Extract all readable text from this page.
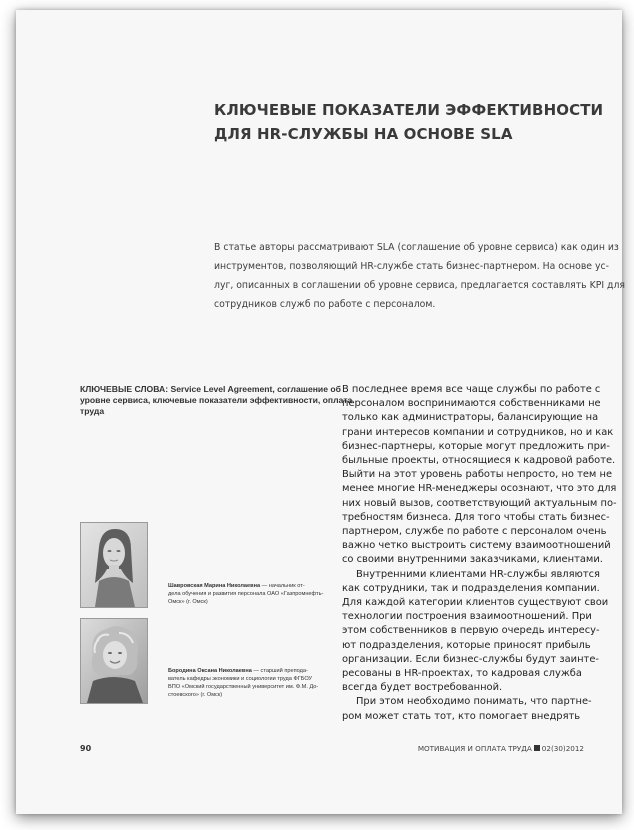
КЛЮЧЕВЫЕ ПОКАЗАТЕЛИ ЭФФЕКТИВНОСТИ
ДЛЯ HR-СЛУЖБЫ НА ОСНОВЕ SLA
В статье авторы рассматривают SLA (соглашение об уровне сервиса) как один из
инструментов, позволяющий HR-службе стать бизнес-партнером. На основе ус-
луг, описанных в соглашении об уровне сервиса, предлагается составлять KPI для
сотрудников служб по работе с персоналом.
КЛЮЧЕВЫЕ СЛОВА: Service Level Agreement, соглашение об
уровне сервиса, ключевые показатели эффективности, оплата
труда
В последнее время все чаще службы по работе с
персоналом воспринимаются собственниками не
только как администраторы, балансирующие на
грани интересов компании и сотрудников, но и как
бизнес-партнеры, которые могут предложить при-
быльные проекты, относящиеся к кадровой работе.
Выйти на этот уровень работы непросто, но тем не
менее многие HR-менеджеры осознают, что это для
них новый вызов, соответствующий актуальным по-
требностям бизнеса. Для того чтобы стать бизнес-
партнером, службе по работе с персоналом очень
важно четко выстроить систему взаимоотношений
со своими внутренними заказчиками, клиентами.
Внутренними клиентами HR-службы являются
как сотрудники, так и подразделения компании.
Для каждой категории клиентов существуют свои
технологии построения взаимоотношений. При
этом собственников в первую очередь интересу-
ют подразделения, которые приносят прибыль
организации. Если бизнес-службы будут заинте-
ресованы в HR-проектах, то кадровая служба
всегда будет востребованной.
При этом необходимо понимать, что партне-
ром может стать тот, кто помогает внедрять
Шавровская Марина Николаевна — начальник от-
дела обучения и развития персонала ОАО «Газпромнефть-
Омск» (г. Омск)
Бородина Оксана Николаевна — старший препода-
ватель кафедры экономики и социологии труда ФГБОУ
ВПО «Омский государственный университет им. Ф.М. До-
стоевского» (г. Омск)
90	МОТИВАЦИЯ И ОПЛАТА ТРУДА 02(30)2012
